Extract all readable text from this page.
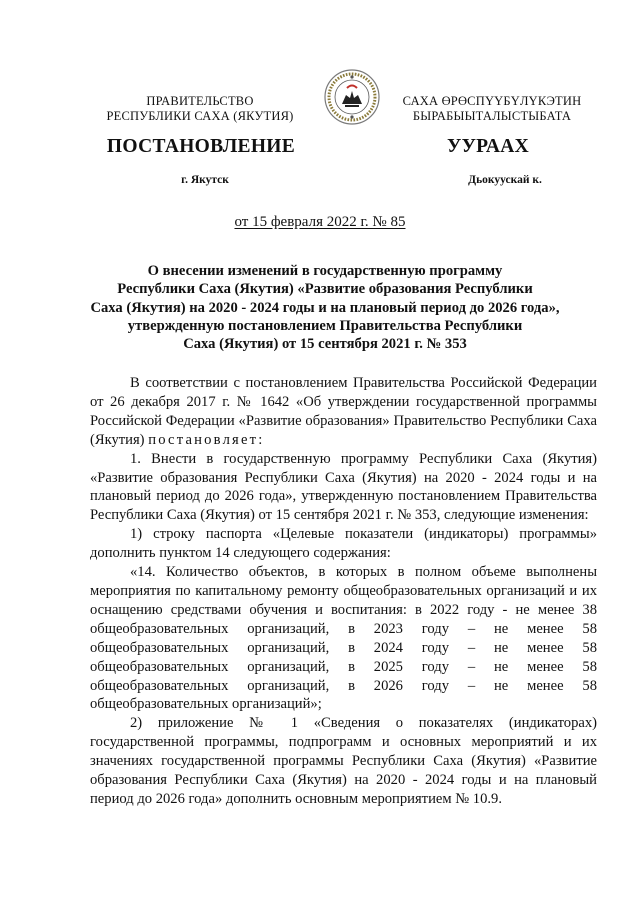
ПРАВИТЕЛЬСТВО
РЕСПУБЛИКИ САХА (ЯКУТИЯ)
САХА ӨРӨСПҮҮБҮЛҮКЭТИН
БЫРАБЫЫТАЛЫСТЫБАТА
ПОСТАНОВЛЕНИЕ	УУРААХ
г. Якутск	Дьокуускай к.
от 15 февраля 2022 г. № 85
О внесении изменений в государственную программу
Республики Саха (Якутия) «Развитие образования Республики
Саха (Якутия) на 2020 - 2024 годы и на плановый период до 2026 года»,
утвержденную постановлением Правительства Республики
Саха (Якутия) от 15 сентября 2021 г. № 353

В соответствии с постановлением Правительства Российской Федерации от 26 декабря 2017 г. № 1642 «Об утверждении государственной программы Российской Федерации «Развитие образования» Правительство Республики Саха (Якутия) постановляет:

1. Внести в государственную программу Республики Саха (Якутия) «Развитие образования Республики Саха (Якутия) на 2020 - 2024 годы и на плановый период до 2026 года», утвержденную постановлением Правительства Республики Саха (Якутия) от 15 сентября 2021 г. № 353, следующие изменения:

1) строку паспорта «Целевые показатели (индикаторы) программы» дополнить пунктом 14 следующего содержания:

«14. Количество объектов, в которых в полном объеме выполнены мероприятия по капитальному ремонту общеобразовательных организаций и их оснащению средствами обучения и воспитания: в 2022 году - не менее 38 общеобразовательных организаций, в 2023 году – не менее 58 общеобразовательных организаций, в 2024 году – не менее 58 общеобразовательных организаций, в 2025 году – не менее 58 общеобразовательных организаций, в 2026 году – не менее 58 общеобразовательных организаций»;

2) приложение № 1 «Сведения о показателях (индикаторах) государственной программы, подпрограмм и основных мероприятий и их значениях государственной программы Республики Саха (Якутия) «Развитие образования Республики Саха (Якутия) на 2020 - 2024 годы и на плановый период до 2026 года» дополнить основным мероприятием № 10.9.
